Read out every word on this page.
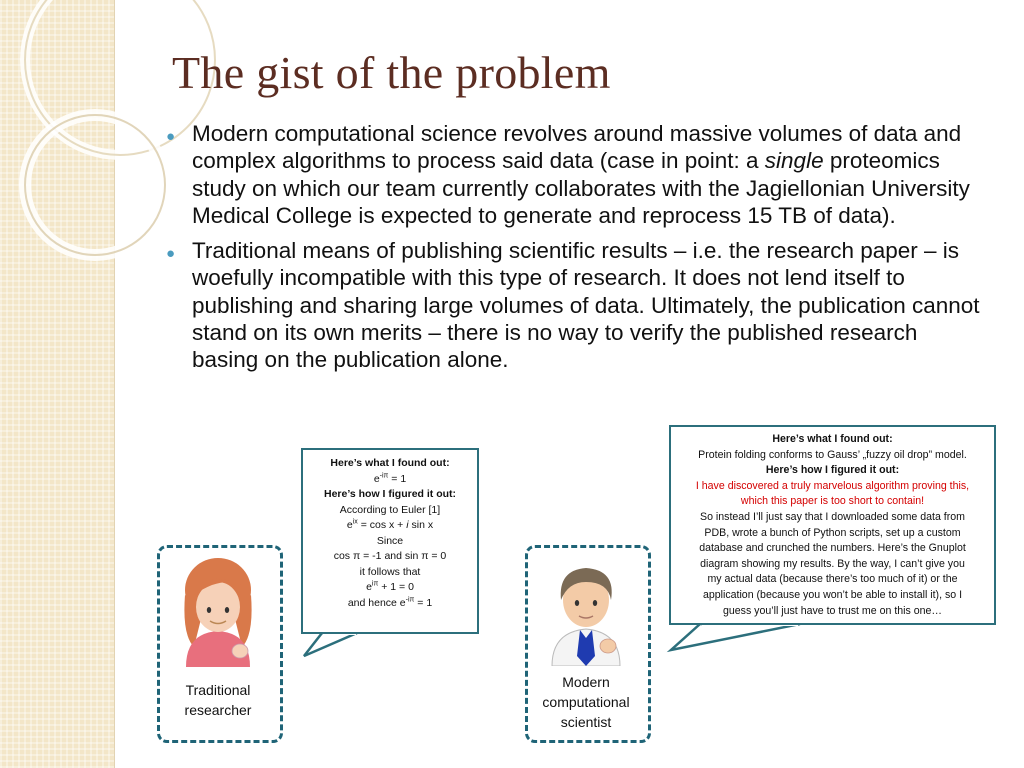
The gist of the problem
● Modern computational science revolves around massive volumes of data and complex algorithms to process said data (case in point: a single proteomics study on which our team currently collaborates with the Jagiellonian University Medical College is expected to generate and reprocess 15 TB of data).
● Traditional means of publishing scientific results – i.e. the research paper – is woefully incompatible with this type of research. It does not lend itself to publishing and sharing large volumes of data. Ultimately, the publication cannot stand on its own merits – there is no way to verify the published research basing on the publication alone.
Traditional
researcher
Here’s what I found out:
$e^{-i\pi} = 1$
Here’s how I figured it out:
According to Euler [1]
$e^{ix} = \cos x + i$ sin x
Since
cos π = -1 and sin π = 0
it follows that
$e^{i\pi} + 1 = 0$
and hence $e^{-i\pi} = 1$
Modern
computational
scientist
Here’s what I found out:
Protein folding conforms to Gauss’ „fuzzy oil drop” model.
Here’s how I figured it out:
I have discovered a truly marvelous algorithm proving this,
which this paper is too short to contain!
So instead I’ll just say that I downloaded some data from
PDB, wrote a bunch of Python scripts, set up a custom
database and crunched the numbers. Here’s the Gnuplot
diagram showing my results. By the way, I can’t give you
my actual data (because there’s too much of it) or the
application (because you won’t be able to install it), so I
guess you’ll just have to trust me on this one…
